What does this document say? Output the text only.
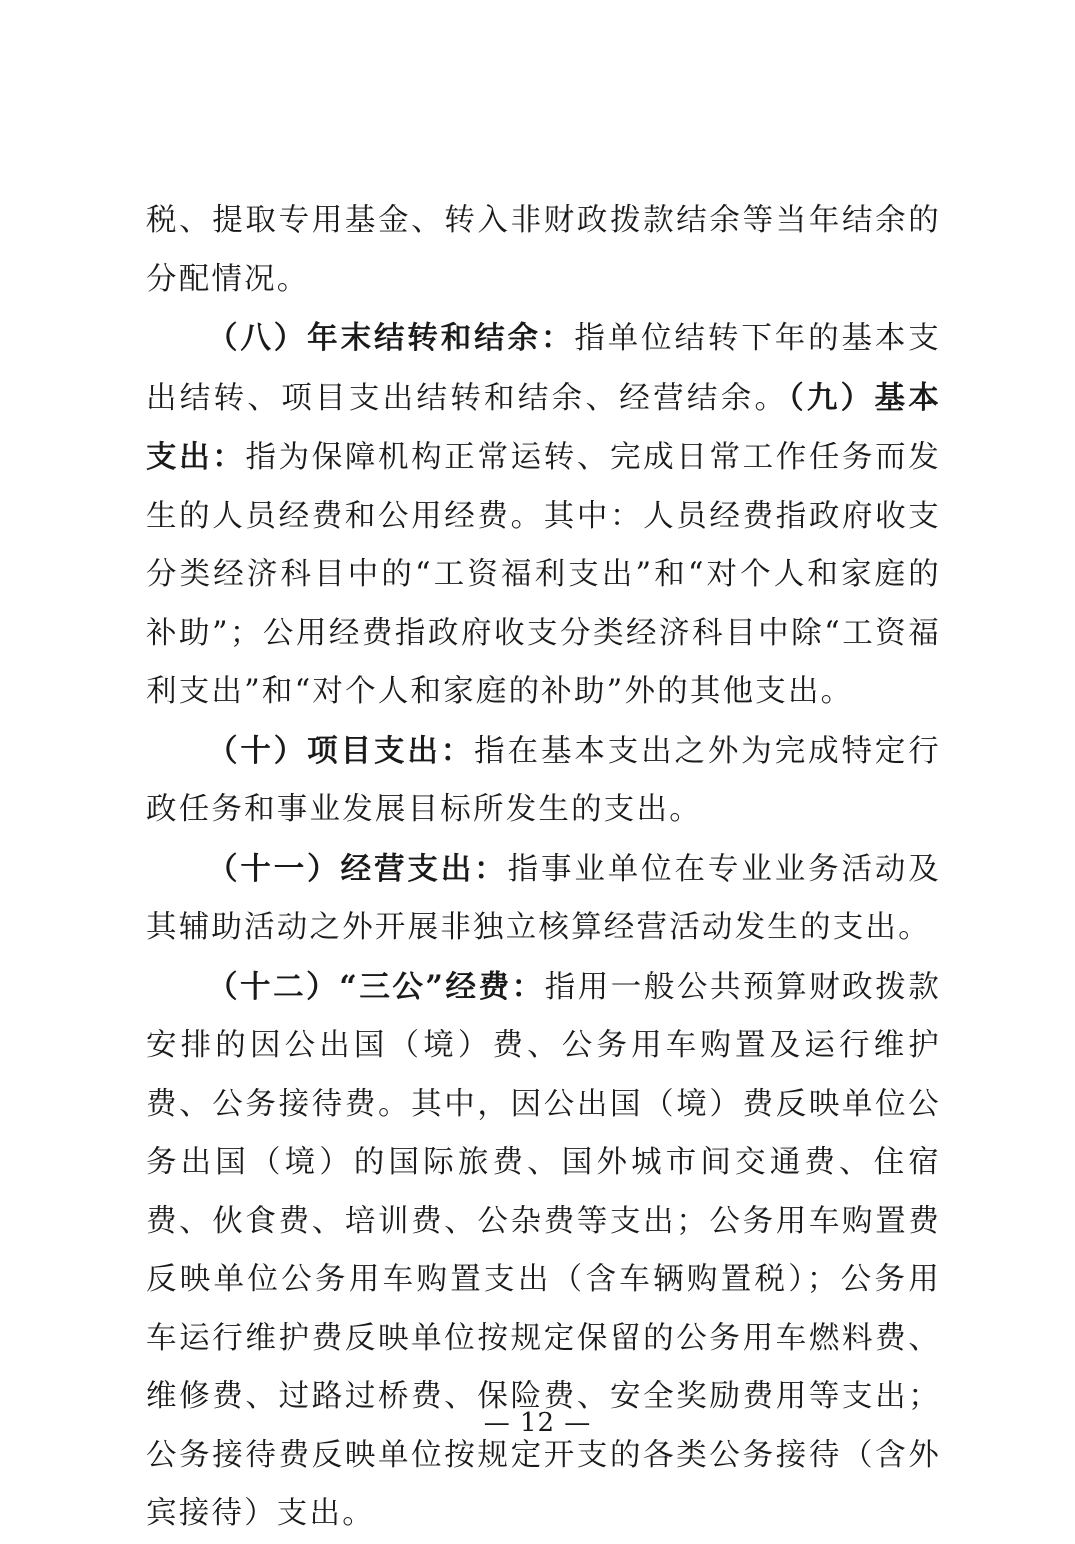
税、提取专用基金、转入非财政拨款结余等当年结余的分配情况。

（八）年末结转和结余：指单位结转下年的基本支出结转、项目支出结转和结余、经营结余。（九）基本支出：指为保障机构正常运转、完成日常工作任务而发生的人员经费和公用经费。其中：人员经费指政府收支分类经济科目中的“工资福利支出”和“对个人和家庭的补助”；公用经费指政府收支分类经济科目中除“工资福利支出”和“对个人和家庭的补助”外的其他支出。

（十）项目支出：指在基本支出之外为完成特定行政任务和事业发展目标所发生的支出。

（十一）经营支出：指事业单位在专业业务活动及其辅助活动之外开展非独立核算经营活动发生的支出。

（十二）“三公”经费：指用一般公共预算财政拨款安排的因公出国（境）费、公务用车购置及运行维护费、公务接待费。其中，因公出国（境）费反映单位公务出国（境）的国际旅费、国外城市间交通费、住宿费、伙食费、培训费、公杂费等支出；公务用车购置费反映单位公务用车购置支出（含车辆购置税）；公务用车运行维护费反映单位按规定保留的公务用车燃料费、维修费、过路过桥费、保险费、安全奖励费用等支出；公务接待费反映单位按规定开支的各类公务接待（含外宾接待）支出。

— 12 —
